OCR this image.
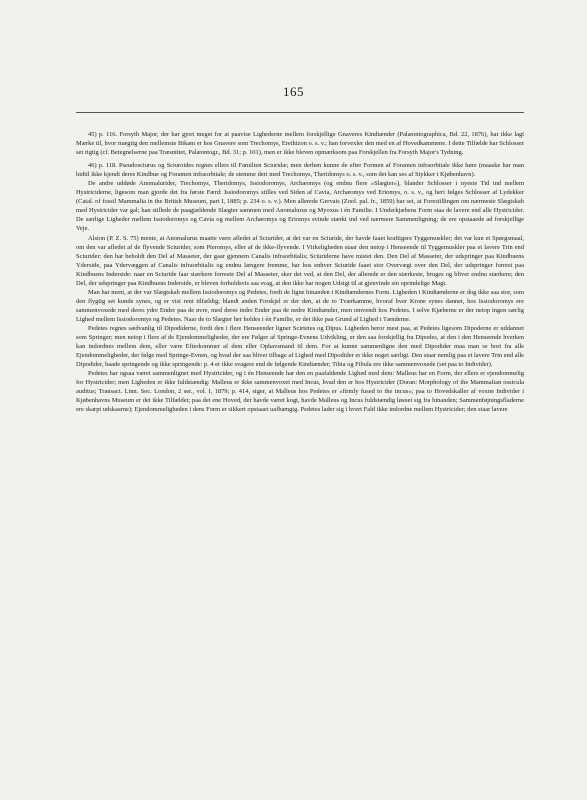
165

45) p. 116. Forsyth Major, der har gjort meget for at paavise Lighederne mellem forskjellige Gnaveres Kindtænder (Palæontographica, Bd. 22, 1876), har ikke lagt Mærke til, hvor mægtig den mellemste Bikam er hos Gnavere som Trechomys, Erethizon o. s. v.; han forvexler den med en af Hovedkammene. I dette Tilfælde har Schlosser set rigtig (cf. Betegnelserne paa Træsnittet, Palæontogr., Bd. 31; p. 101), men er ikke bleven opmærksom paa Forskjellen fra Forsyth Major's Tydning.

46) p. 118. Pseudosciurus og Sciuroides regnes ellers til Familien Sciuridæ; men derhen kunne de efter Formen af Foramen infraorbitale ikke høre (maaske har man hidtil ikke kjendt deres Kindbue og Foramen infraorbitale; de stemme deri med Trechomys, Theridomys o. s. v., som det kan ses af Stykker i Kjøbenhavn).

De andre uddøde Anomalurider, Trechomys, Theridomys, Issiodoromys, Archæomys (og endnu flere »Slægter«), blander Schlosser i nyeste Tid ind mellem Hystriciderne, ligesom man gjorde det fra første Færd: Issiodoromys stilles ved Siden af Cavia, Archæomys ved Eriomys, o. s. v., og heri følges Schlosser af Lydekker (Catal. of fossil Mammalia in the British Museum, part I, 1885; p. 234 o. s. v.). Men allerede Gervais (Zool. pal. fr., 1859) har set, at Forestillingen om nærmeste Slægtskab med Hystricider var gal; han stillede de paagjældende Slægter sammen med Anomalurus og Myoxus i én Familie. I Underkjæbens Form staa de lavere end alle Hystricider. De særlige Ligheder mellem Issiodoromys og Cavia og mellem Archæomys og Eriomys svinde stærkt ind ved nærmere Sammenligning; de ere opstaaede ad forskjellige Veje.

Alston (P. Z. S. 75) mente, at Anomalurus maatte være afledet af Sciurider, at det var en Sciuride, der havde faaet kraftigere Tyggemuskler; det var kun et Spørgsmaal, om den var afledet af de flyvende Sciurider, som Pteromys, eller af de ikke-flyvende. I Virkeligheden staar den netop i Henseende til Tyggemuskler paa et lavere Trin end Sciurider: den har beholdt den Del af Masseter, der gaar gjennem Canalis infraorbitalis; Sciuriderne have mistet den. Den Del af Masseter, der udspringer paa Kindbuens Yderside, paa Ydervæggen af Canalis infraorbitalis og endnu længere fremme, har hos enhver Sciuride faaet stor Overvægt over den Del, der udspringer forrest paa Kindbuens Inderside: naar en Sciuride faar stærkere forreste Del af Masseter, sker det ved, at den Del, der allerede er den stærkeste, bruges og bliver endnu stærkere; den Del, der udspringer paa Kindbuens Inderside, er bleven forholdsvis saa svag, at den ikke har nogen Udsigt til at gjenvinde sin oprindelige Magt.

Man har ment, at der var Slægtskab mellem Issiodoromys og Pedetes, fordi de ligne hinanden i Kindtændernes Form. Ligheden i Kindtænderne er dog ikke saa stor, som den flygtig set kunde synes, og er vist rent tilfældig; blandt anden Forskjel er der den, at de to Tværkamme, hvoraf hver Krone synes dannet, hos Issiodoromys ere sammenvoxede med deres ydre Ender paa de øvre, med deres indre Ender paa de nedre Kindtænder, men omvendt hos Pedetes. I selve Kjæberne er der netop ingen særlig Lighed mellem Issiodoromys og Pedetes. Naar de to Slægter her holdes i én Familie, er det ikke paa Grund af Lighed i Tænderne.

Pedetes regnes sædvanlig til Dipodiderne, fordi den i flere Henseender ligner Scirtetes og Dipus. Ligheden beror mest paa, at Pedetes ligesom Dipoderne er uddannet som Springer; men netop i flere af de Ejendommeligheder, der ere Følger af Springe-Evnens Udvikling, er den saa forskjellig fra Dipodes, at den i den Henseende hverken kan indordnes mellem dem, eller være Efterkommer af dem eller Ophavsmand til dem. For at kunne sammenligne den med Dipodider maa man se bort fra alle Ejendommeligheder, der følge med Springe-Evnen, og hvad der saa bliver tilbage af Lighed med Dipodider er ikke noget særligt. Den staar nemlig paa et lavere Trin end alle Dipodider, baade springende og ikke springende: p. 4 er ikke svagere end de følgende Kindtænder; Tibia og Fibula ere ikke sammenvoxede (set paa to Individer).

Pedetes har ogsaa været sammenlignet med Hystricider, og i én Henseende har den en paafaldende Lighed med dem: Malleus har en Form, der ellers er ejendommelig for Hystricider; men Ligheden er ikke fuldstændig: Malleus er ikke sammenvoxet med Incus, hvad den er hos Hystricider (Doran: Morphology of the Mammalian ossicula auditus; Transact. Linn. Soc. London, 2 ser., vol. I, 1879; p. 414, siger, at Malleus hos Pedetes er »firmly fused to the incus«; paa to Hovedskaller af voxne Individer i Kjøbenhavns Museum er det ikke Tilfældet; paa det ene Hoved, der havde været kogt, havde Malleus og Incus fuldstændig løsnet sig fra hinanden; Sammenføjningsfladerne ere skarpt udskaarne); Ejendommeligheden i dens Form er sikkert opstaaet uafhængig. Pedetes lader sig i hvert Fald ikke indordne mellem Hystricider; den staar lavere
